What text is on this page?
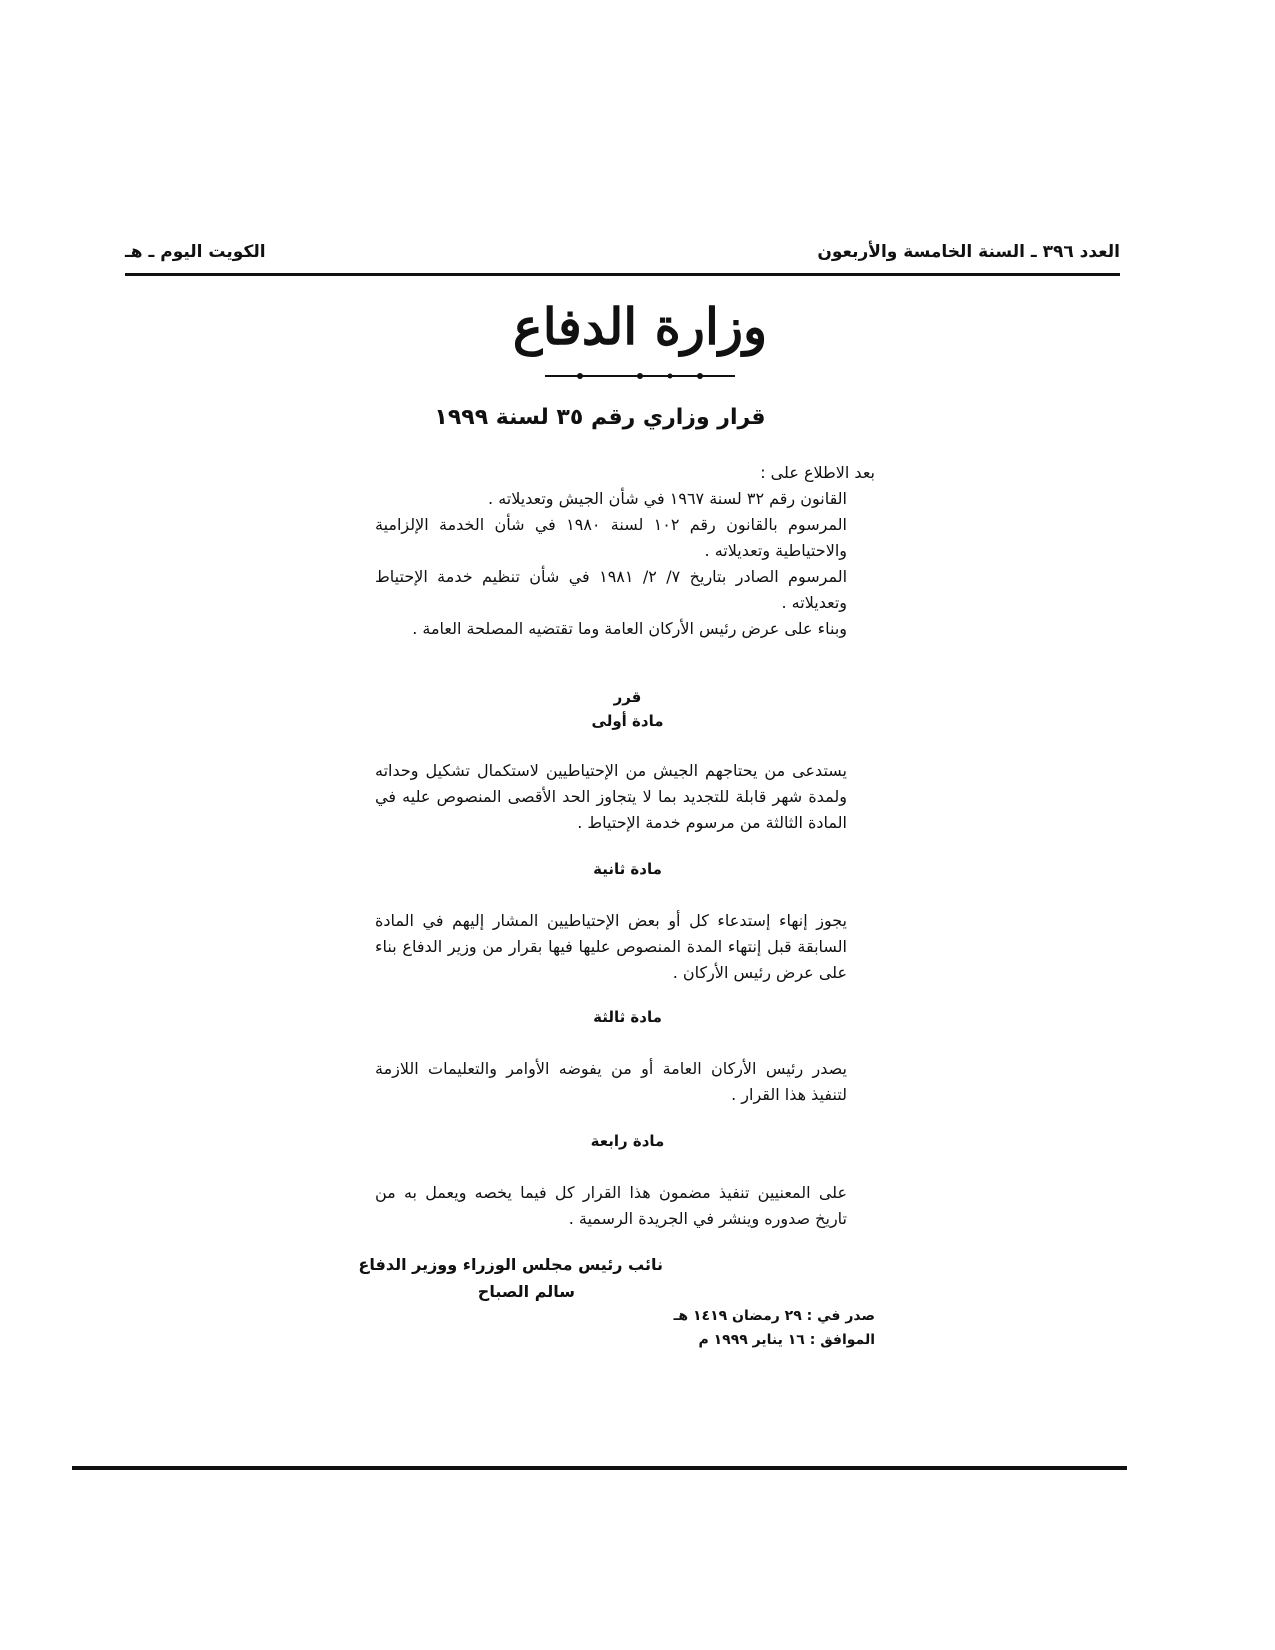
العدد ٣٩٦ ـ السنة الخامسة والأربعون
الكويت اليوم ـ هـ
وزارة الدفاع
قرار وزاري رقم ٣٥ لسنة ١٩٩٩

بعد الاطلاع على :

القانون رقم ٣٢ لسنة ١٩٦٧ في شأن الجيش وتعديلاته .

المرسوم بالقانون رقم ١٠٢ لسنة ١٩٨٠ في شأن الخدمة الإلزامية والاحتياطية وتعديلاته .

المرسوم الصادر بتاريخ ٧/ ٢/ ١٩٨١ في شأن تنظيم خدمة الإحتياط وتعديلاته .

وبناء على عرض رئيس الأركان العامة وما تقتضيه المصلحة العامة .

قرر
مادة أولى

يستدعى من يحتاجهم الجيش من الإحتياطيين لاستكمال تشكيل وحداته ولمدة شهر قابلة للتجديد بما لا يتجاوز الحد الأقصى المنصوص عليه في المادة الثالثة من مرسوم خدمة الإحتياط .

مادة ثانية

يجوز إنهاء إستدعاء كل أو بعض الإحتياطيين المشار إليهم في المادة السابقة قبل إنتهاء المدة المنصوص عليها فيها بقرار من وزير الدفاع بناء على عرض رئيس الأركان .

مادة ثالثة

يصدر رئيس الأركان العامة أو من يفوضه الأوامر والتعليمات اللازمة لتنفيذ هذا القرار .

مادة رابعة

على المعنيين تنفيذ مضمون هذا القرار كل فيما يخصه ويعمل به من تاريخ صدوره وينشر في الجريدة الرسمية .

نائب رئيس مجلس الوزراء ووزير الدفاع
سالم الصباح
صدر في : ٢٩ رمضان ١٤١٩ هـ
الموافق : ١٦ يناير ١٩٩٩ م
